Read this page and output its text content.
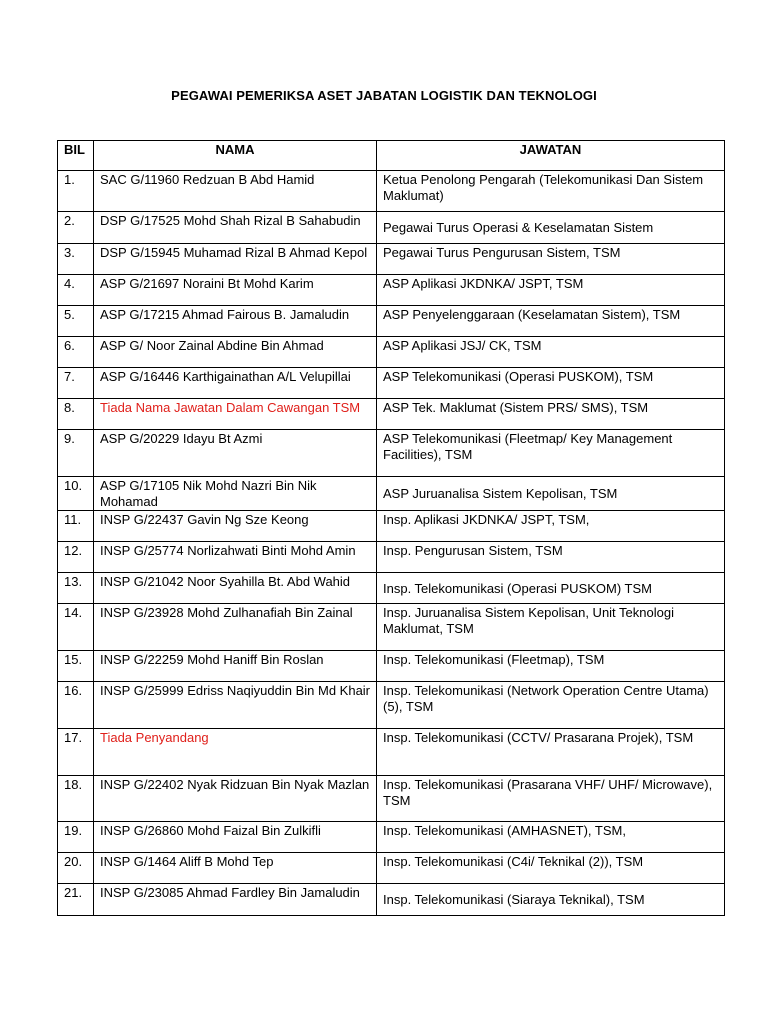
PEGAWAI PEMERIKSA ASET JABATAN LOGISTIK DAN TEKNOLOGI
BIL	NAMA	JAWATAN
1.	SAC G/11960 Redzuan B Abd Hamid	Ketua Penolong Pengarah (Telekomunikasi Dan Sistem Maklumat)
2.	DSP G/17525 Mohd Shah Rizal B Sahabudin	Pegawai Turus Operasi & Keselamatan Sistem
3.	DSP G/15945 Muhamad Rizal B Ahmad Kepol	Pegawai Turus Pengurusan Sistem, TSM
4.	ASP G/21697 Noraini Bt Mohd Karim	ASP Aplikasi JKDNKA/ JSPT, TSM
5.	ASP G/17215 Ahmad Fairous B. Jamaludin	ASP Penyelenggaraan (Keselamatan Sistem), TSM
6.	ASP G/ Noor Zainal Abdine Bin Ahmad	ASP Aplikasi JSJ/ CK, TSM
7.	ASP G/16446 Karthigainathan A/L Velupillai	ASP Telekomunikasi (Operasi PUSKOM), TSM
8.	Tiada Nama Jawatan Dalam Cawangan TSM	ASP Tek. Maklumat (Sistem PRS/ SMS), TSM
9.	ASP G/20229 Idayu Bt Azmi	ASP Telekomunikasi (Fleetmap/ Key Management Facilities), TSM
10.	ASP G/17105 Nik Mohd Nazri Bin Nik Mohamad	ASP Juruanalisa Sistem Kepolisan, TSM
11.	INSP G/22437 Gavin Ng Sze Keong	Insp. Aplikasi JKDNKA/ JSPT, TSM,
12.	INSP G/25774 Norlizahwati Binti Mohd Amin	Insp. Pengurusan Sistem, TSM
13.	INSP G/21042 Noor Syahilla Bt. Abd Wahid	Insp. Telekomunikasi (Operasi PUSKOM) TSM
14.	INSP G/23928 Mohd Zulhanafiah Bin Zainal	Insp. Juruanalisa Sistem Kepolisan, Unit Teknologi Maklumat, TSM
15.	INSP G/22259 Mohd Haniff Bin Roslan	Insp. Telekomunikasi (Fleetmap), TSM
16.	INSP G/25999 Edriss Naqiyuddin Bin Md Khair	Insp. Telekomunikasi (Network Operation Centre Utama) (5), TSM
17.	Tiada Penyandang	Insp. Telekomunikasi (CCTV/ Prasarana Projek), TSM
18.	INSP G/22402 Nyak Ridzuan Bin Nyak Mazlan	Insp. Telekomunikasi (Prasarana VHF/ UHF/ Microwave), TSM
19.	INSP G/26860 Mohd Faizal Bin Zulkifli	Insp. Telekomunikasi (AMHASNET), TSM,
20.	INSP G/1464 Aliff B Mohd Tep	Insp. Telekomunikasi (C4i/ Teknikal (2)), TSM
21.	INSP G/23085 Ahmad Fardley Bin Jamaludin	Insp. Telekomunikasi (Siaraya Teknikal), TSM
